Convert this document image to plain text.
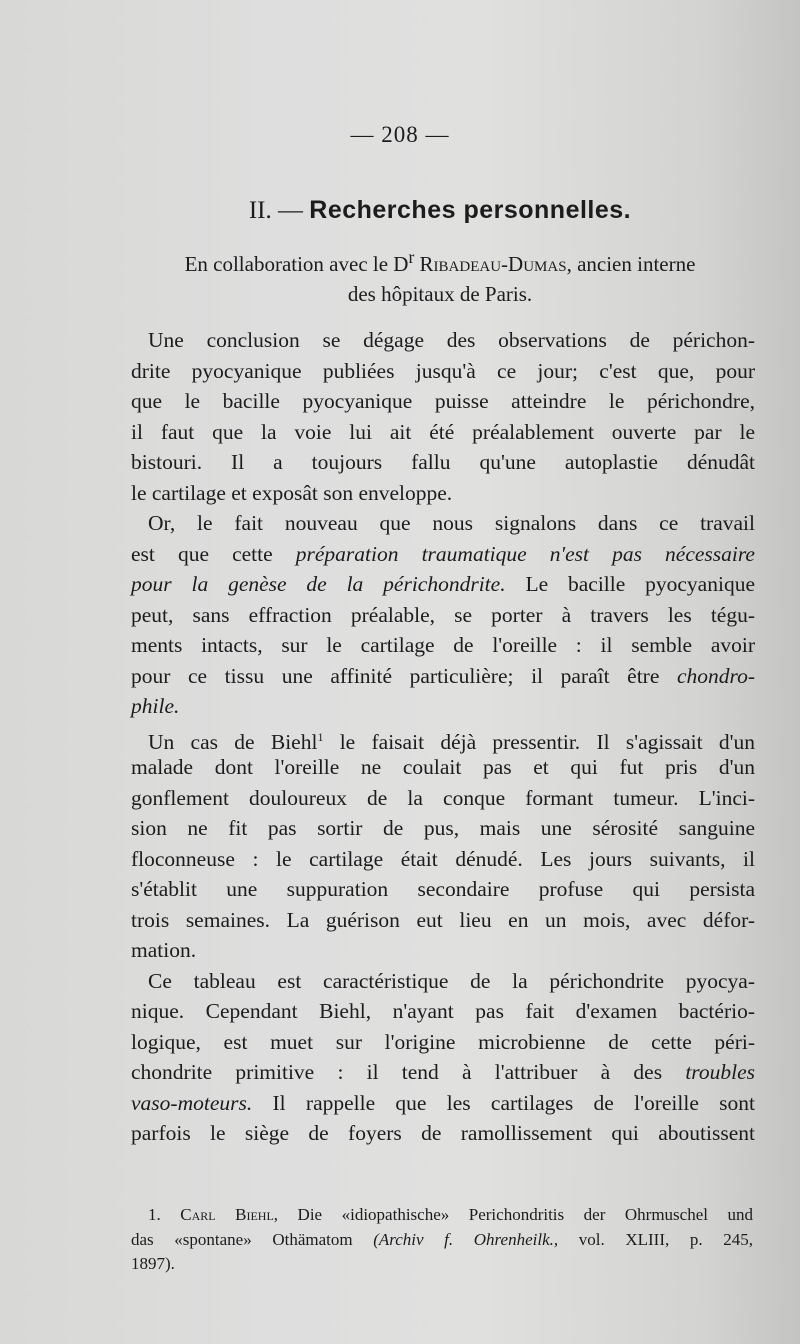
— 208 —
II. — Recherches personnelles.
En collaboration avec le $D^r$ Ribadeau-Dumas, ancien interne
des hôpitaux de Paris.
Une conclusion se dégage des observations de périchon-
drite pyocyanique publiées jusqu'à ce jour; c'est que, pour
que le bacille pyocyanique puisse atteindre le périchondre,
il faut que la voie lui ait été préalablement ouverte par le
bistouri. Il a toujours fallu qu'une autoplastie dénudât
le cartilage et exposât son enveloppe.
Or, le fait nouveau que nous signalons dans ce travail
est que cette préparation traumatique n'est pas nécessaire
pour la genèse de la périchondrite. Le bacille pyocyanique
peut, sans effraction préalable, se porter à travers les tégu-
ments intacts, sur le cartilage de l'oreille : il semble avoir
pour ce tissu une affinité particulière; il paraît être chondro-
phile.
Un cas de Biehl$^1$ le faisait déjà pressentir. Il s'agissait d'un
malade dont l'oreille ne coulait pas et qui fut pris d'un
gonflement douloureux de la conque formant tumeur. L'inci-
sion ne fit pas sortir de pus, mais une sérosité sanguine
floconneuse : le cartilage était dénudé. Les jours suivants, il
s'établit une suppuration secondaire profuse qui persista
trois semaines. La guérison eut lieu en un mois, avec défor-
mation.
Ce tableau est caractéristique de la périchondrite pyocya-
nique. Cependant Biehl, n'ayant pas fait d'examen bactério-
logique, est muet sur l'origine microbienne de cette péri-
chondrite primitive : il tend à l'attribuer à des troubles
vaso-moteurs. Il rappelle que les cartilages de l'oreille sont
parfois le siège de foyers de ramollissement qui aboutissent
1. Carl Biehl, Die «idiopathische» Perichondritis der Ohrmuschel und
das «spontane» Othämatom (Archiv f. Ohrenheilk., vol. XLIII, p. 245,
1897).
